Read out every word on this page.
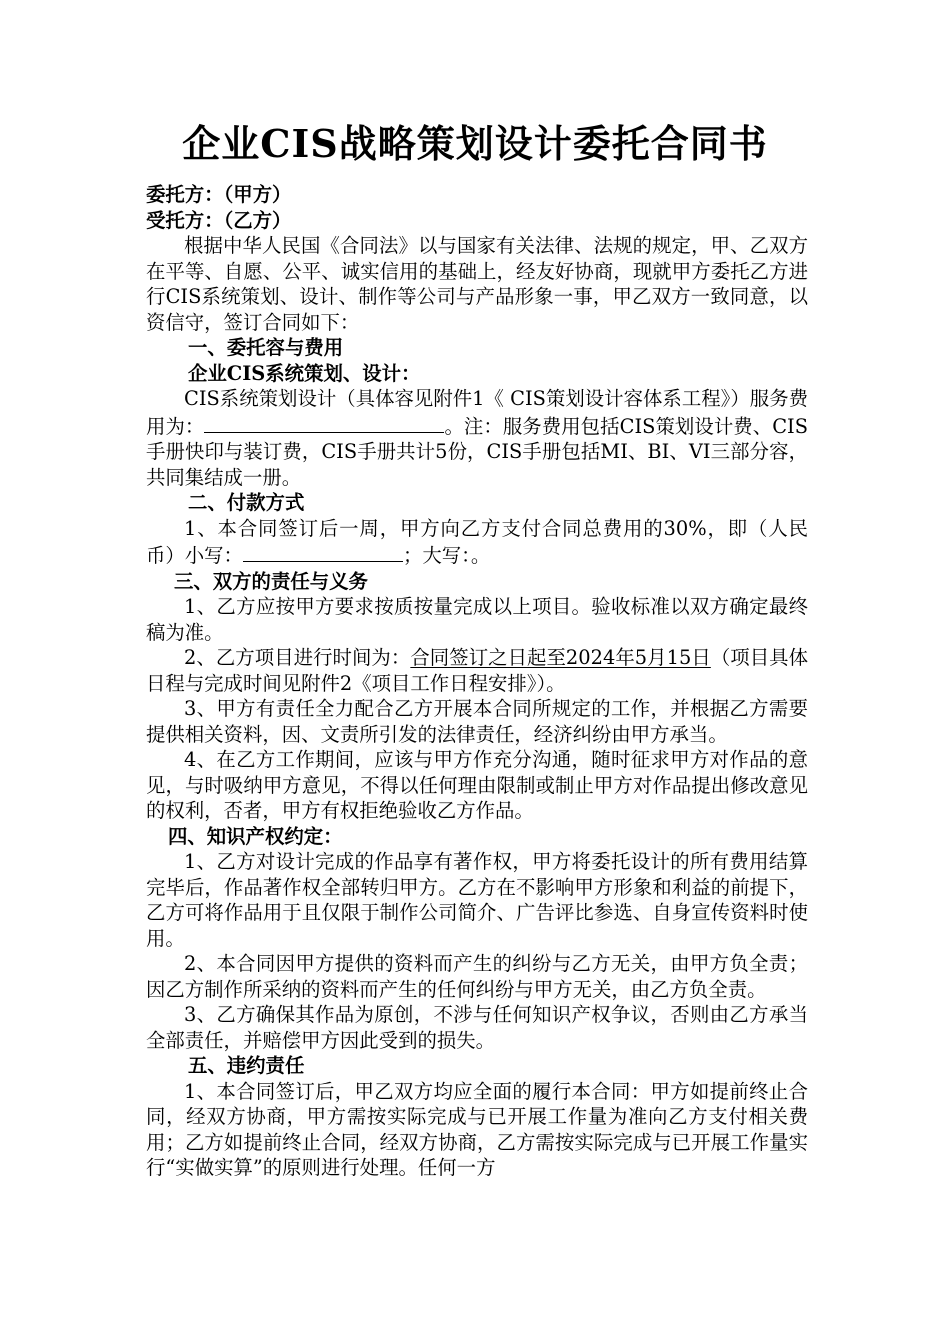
企业CIS战略策划设计委托合同书

委托方：（甲方）

受托方：（乙方）

根据中华人民国《合同法》以与国家有关法律、法规的规定，甲、乙双方在平等、自愿、公平、诚实信用的基础上，经友好协商，现就甲方委托乙方进行CIS系统策划、设计、制作等公司与产品形象一事，甲乙双方一致同意，以资信守，签订合同如下：

一、委托容与费用

企业CIS系统策划、设计：

CIS系统策划设计（具体容见附件1《 CIS策划设计容体系工程》）服务费用为：	。注：服务费用包括CIS策划设计费、CIS手册快印与装订费，CIS手册共计5份，CIS手册包括MI、BI、VI三部分容，共同集结成一册。

二、付款方式

1、本合同签订后一周，甲方向乙方支付合同总费用的30%，即（人民币）小写：	；大写：。

三、双方的责任与义务

1、乙方应按甲方要求按质按量完成以上项目。验收标准以双方确定最终稿为准。

2、乙方项目进行时间为：合同签订之日起至2024年5月15日（项目具体日程与完成时间见附件2《项目工作日程安排》）。

3、甲方有责任全力配合乙方开展本合同所规定的工作，并根据乙方需要提供相关资料，因、文责所引发的法律责任，经济纠纷由甲方承当。

4、在乙方工作期间，应该与甲方作充分沟通，随时征求甲方对作品的意见，与时吸纳甲方意见，不得以任何理由限制或制止甲方对作品提出修改意见的权利，否者，甲方有权拒绝验收乙方作品。

四、知识产权约定：

1、乙方对设计完成的作品享有著作权，甲方将委托设计的所有费用结算完毕后，作品著作权全部转归甲方。乙方在不影响甲方形象和利益的前提下，乙方可将作品用于且仅限于制作公司简介、广告评比参选、自身宣传资料时使用。

2、本合同因甲方提供的资料而产生的纠纷与乙方无关，由甲方负全责；因乙方制作所采纳的资料而产生的任何纠纷与甲方无关，由乙方负全责。

3、乙方确保其作品为原创，不涉与任何知识产权争议，否则由乙方承当全部责任，并赔偿甲方因此受到的损失。

五、违约责任

1、本合同签订后，甲乙双方均应全面的履行本合同：甲方如提前终止合同，经双方协商，甲方需按实际完成与已开展工作量为准向乙方支付相关费用；乙方如提前终止合同，经双方协商，乙方需按实际完成与已开展工作量实行“实做实算”的原则进行处理。任何一方
